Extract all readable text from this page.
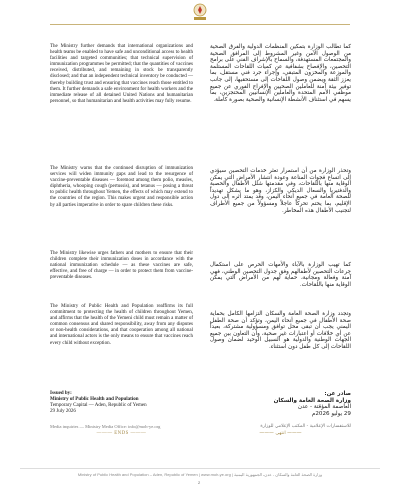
The Ministry further demands that international organizations and health teams be enabled to have safe and unconditional access to health facilities and targeted communities; that technical supervision of immunization programmes be permitted; that the quantities of vaccines received, distributed, and remaining in stock be transparently disclosed; and that an independent technical inventory be conducted — thereby building trust and ensuring that vaccines reach those entitled to them. It further demands a safe environment for health workers and the immediate release of all detained United Nations and humanitarian personnel, so that humanitarian and health activities may fully resume.

The Ministry warns that the continued disruption of immunization services will widen immunity gaps and lead to the resurgence of vaccine-preventable diseases — foremost among them polio, measles, diphtheria, whooping cough (pertussis), and tetanus — posing a threat to public health throughout Yemen, the effects of which may extend to the countries of the region. This makes urgent and responsible action by all parties imperative in order to spare children these risks.

The Ministry likewise urges fathers and mothers to ensure that their children complete their immunization doses in accordance with the national immunization schedule — as these vaccines are safe, effective, and free of charge — in order to protect them from vaccine-preventable diseases.

The Ministry of Public Health and Population reaffirms its full commitment to protecting the health of children throughout Yemen, and affirms that the health of the Yemeni child must remain a matter of common consensus and shared responsibility, away from any disputes or non-health considerations, and that cooperation among all national and international actors is the only means to ensure that vaccines reach every child without exception.

Issued by:
Ministry of Public Health and Population
Temporary Capital — Aden, Republic of Yemen
29 July 2026

كما تطالب الوزارة بتمكين المنظمات الدولية والفرق الصحية من الوصول الآمن وغير المشروط إلى المرافق الصحية والمجتمعات المستهدفة، والسماح بالإشراف الفني على برامج التحصين، والإفصاح بشفافية عن كميات اللقاحات المستلمة والموزعة والمخزون المتبقي، وإجراء جرد فني مستقل، بما يعزز الثقة ويضمن وصول اللقاحات إلى مستحقيها، إلى جانب توفير بيئة آمنة للعاملين الصحيين والإفراج الفوري عن جميع موظفي الأمم المتحدة والعاملين الإنسانيين المحتجزين، بما يسهم في استئناف الأنشطة الإنسانية والصحية بصورة كاملة.

وتحذر الوزارة من أن استمرار تعثر خدمات التحصين سيؤدي إلى اتساع فجوات المناعة وعودة انتشار الأمراض التي يمكن الوقاية منها باللقاحات، وفي مقدمتها شلل الأطفال والحصبة والدفتيريا والسعال الديكي والكزاز، وهو ما يشكل تهديداً للصحة العامة في جميع أنحاء اليمن، وقد يمتد أثره إلى دول الإقليم، بما يحتم تحركاً عاجلاً ومسؤولاً من جميع الأطراف لتجنيب الأطفال هذه المخاطر.

كما تهيب الوزارة بالآباء والأمهات الحرص على استكمال جرعات التحصين لأطفالهم وفق جدول التحصين الوطني، فهي آمنة وفعالة ومجانية، حماية لهم من الأمراض التي يمكن الوقاية منها باللقاحات.

وتجدد وزارة الصحة العامة والسكان التزامها الكامل بحماية صحة الأطفال في جميع أنحاء اليمن، وتؤكد أن صحة الطفل اليمني يجب أن تبقى محل توافق ومسؤولية مشتركة، بعيداً عن أي خلافات أو اعتبارات غير صحية، وأن التعاون بين جميع الجهات الوطنية والدولية هو السبيل الوحيد لضمان وصول اللقاحات إلى كل طفل دون استثناء.

صادر عن:
وزارة الصحة العامة والسكان
العاصمة المؤقتة - عدن
29 يوليو 2026م
Media inquiries — Ministry Media Office: info@moh-ye.org	للاستفسارات الإعلامية - المكتب الإعلامي للوزارة
——— ENDS ———	——— انتهى ———
Ministry of Public Health and Population – Aden, Republic of Yemen | www.moh-ye.org | وزارة الصحة العامة والسكان - عدن، الجمهورية اليمنية
2
